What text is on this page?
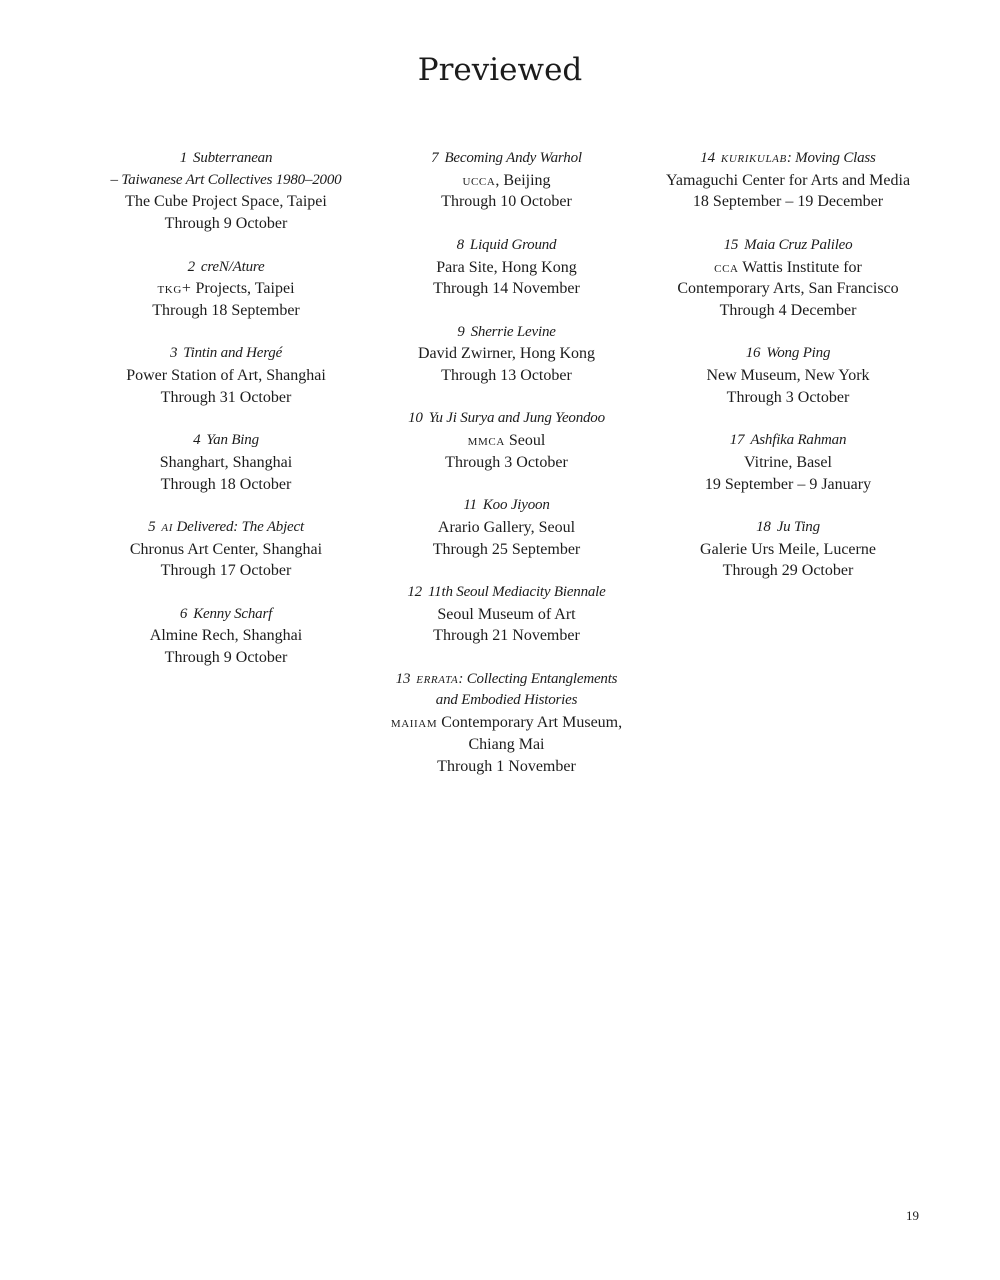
Previewed
1 Subterranean
– Taiwanese Art Collectives 1980–2000
The Cube Project Space, Taipei
Through 9 October
2 creN/Ature
tkg+ Projects, Taipei
Through 18 September
3 Tintin and Hergé
Power Station of Art, Shanghai
Through 31 October
4 Yan Bing
Shanghart, Shanghai
Through 18 October
5 ai Delivered: The Abject
Chronus Art Center, Shanghai
Through 17 October
6 Kenny Scharf
Almine Rech, Shanghai
Through 9 October
7 Becoming Andy Warhol
ucca, Beijing
Through 10 October
8 Liquid Ground
Para Site, Hong Kong
Through 14 November
9 Sherrie Levine
David Zwirner, Hong Kong
Through 13 October
10 Yu Ji Surya and Jung Yeondoo
mmca Seoul
Through 3 October
11 Koo Jiyoon
Arario Gallery, Seoul
Through 25 September
12 11th Seoul Mediacity Biennale
Seoul Museum of Art
Through 21 November
13 errata: Collecting Entanglements
and Embodied Histories
maiiam Contemporary Art Museum,
Chiang Mai
Through 1 November
14 kurikulab: Moving Class
Yamaguchi Center for Arts and Media
18 September – 19 December
15 Maia Cruz Palileo
cca Wattis Institute for
Contemporary Arts, San Francisco
Through 4 December
16 Wong Ping
New Museum, New York
Through 3 October
17 Ashfika Rahman
Vitrine, Basel
19 September – 9 January
18 Ju Ting
Galerie Urs Meile, Lucerne
Through 29 October
19
